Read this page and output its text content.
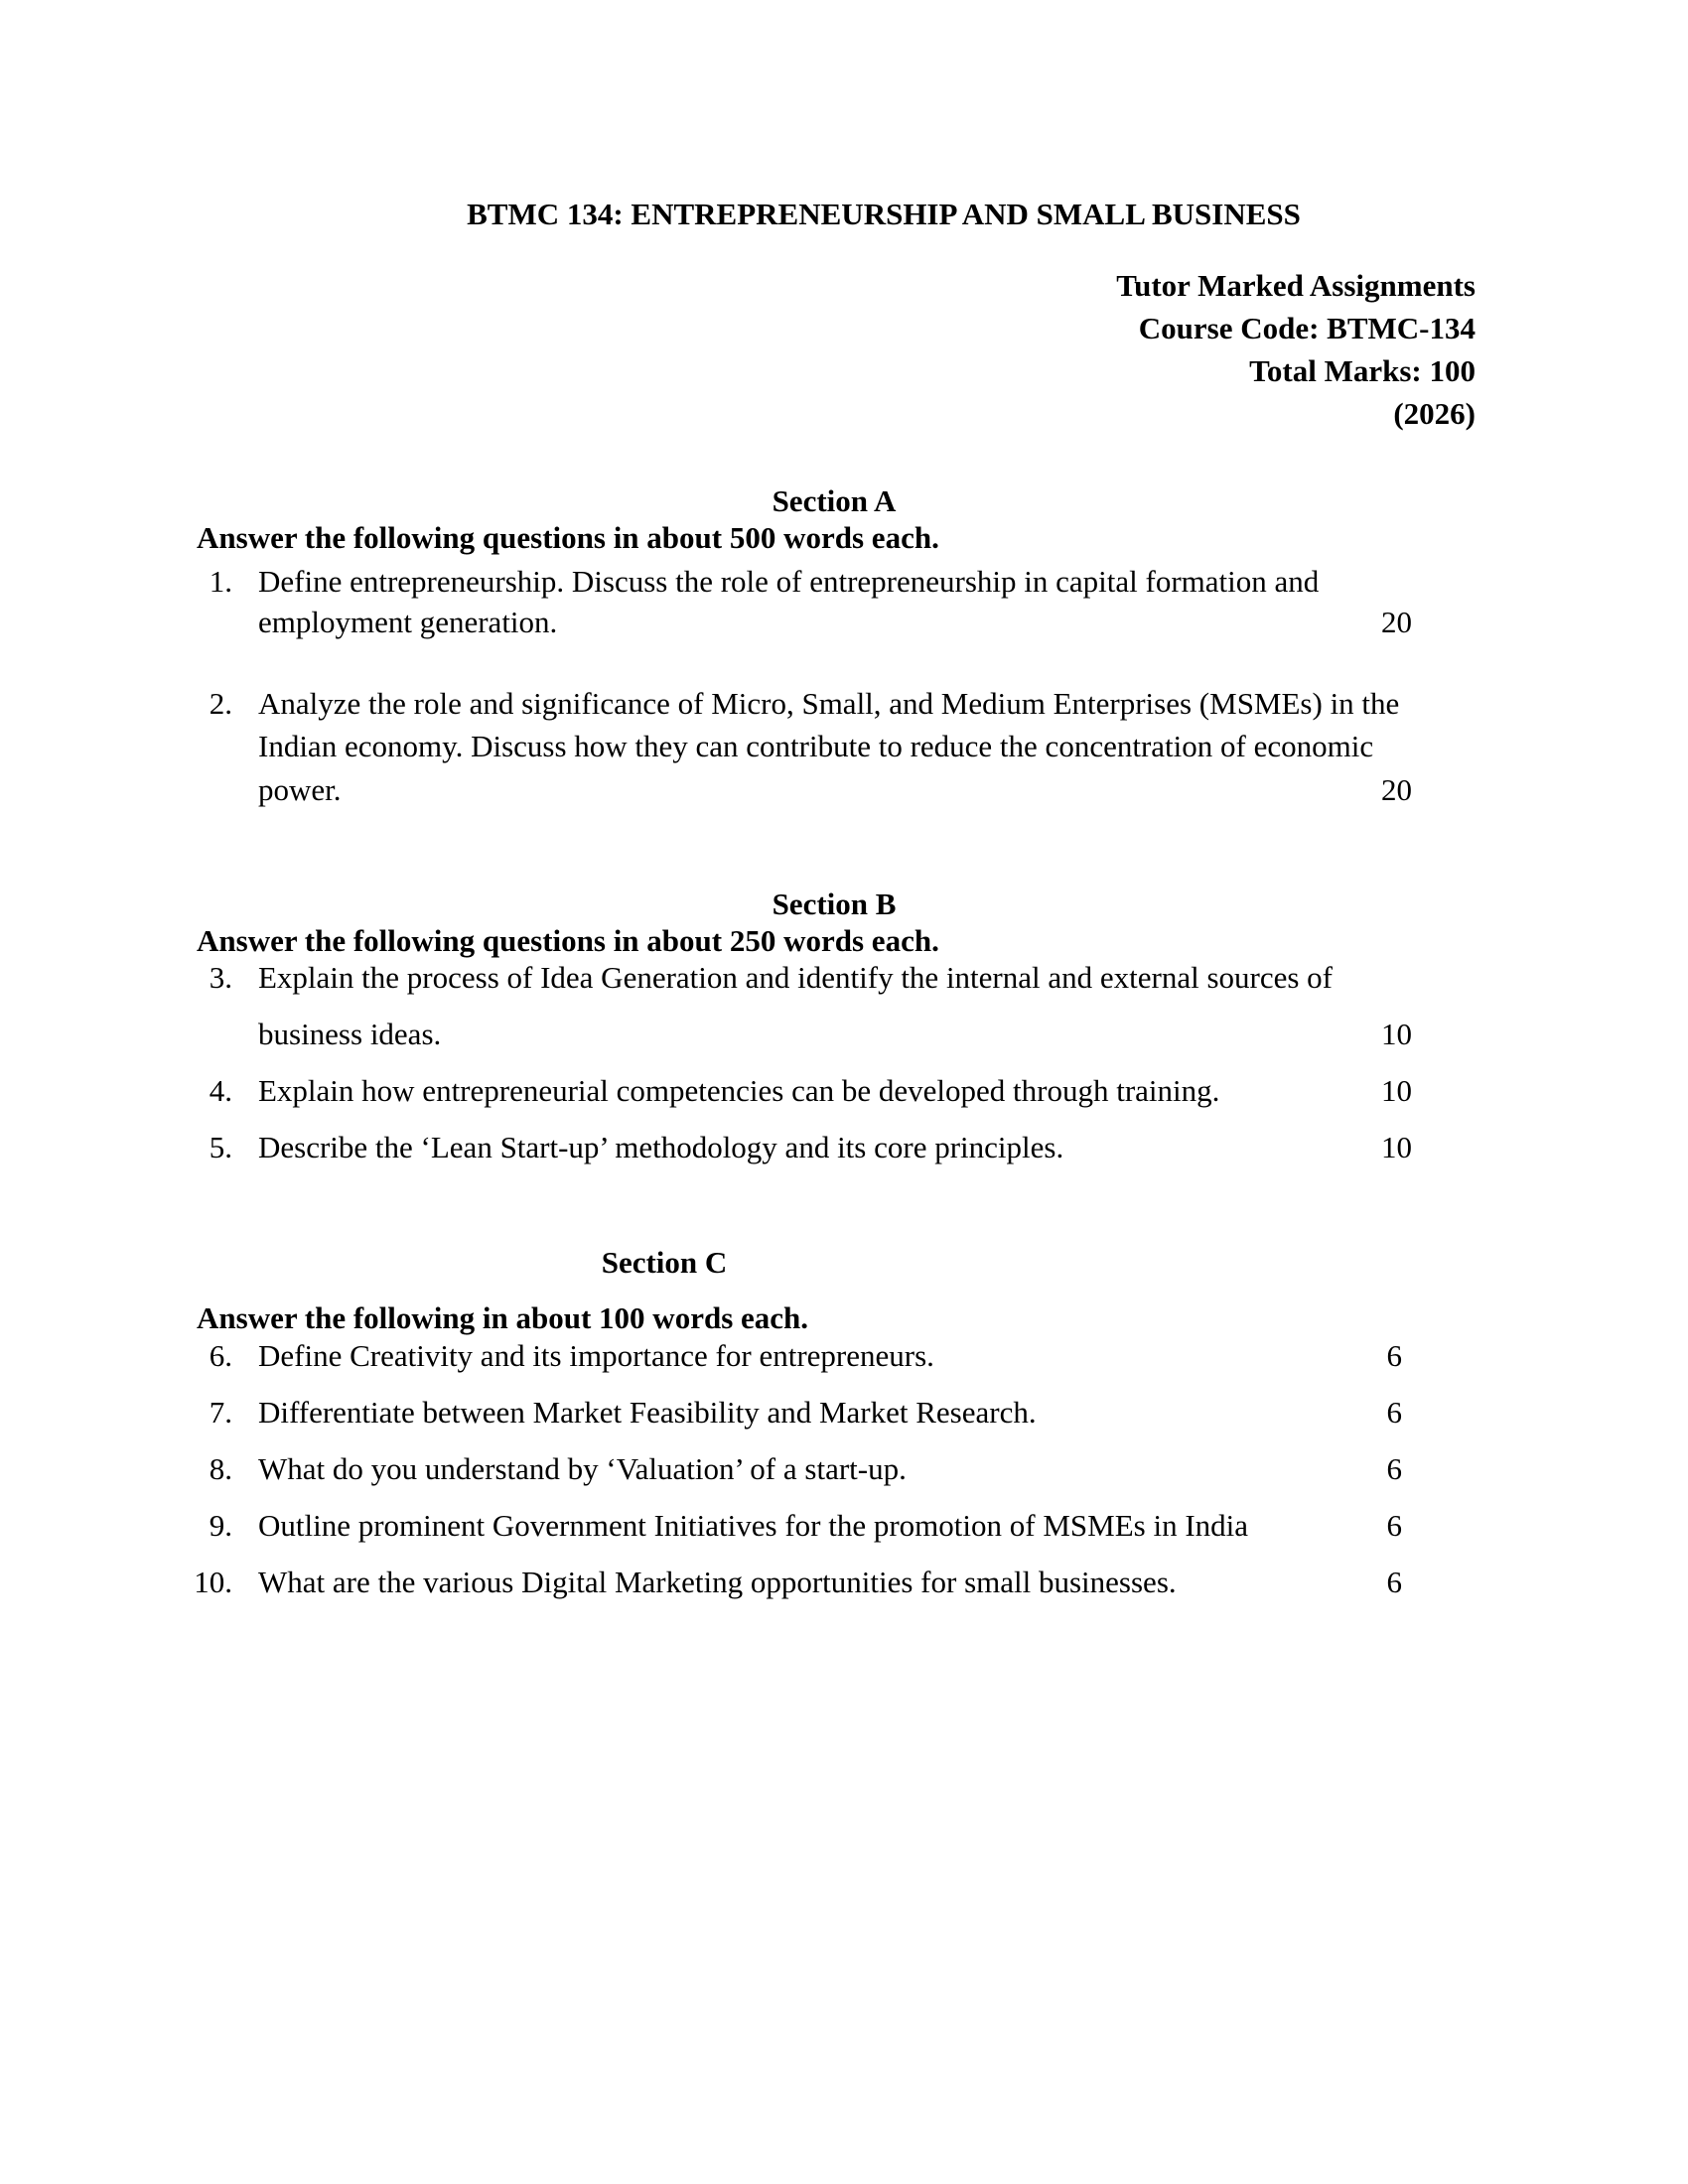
BTMC 134: ENTREPRENEURSHIP AND SMALL BUSINESS
Tutor Marked Assignments
Course Code: BTMC-134
Total Marks: 100
(2026)
Section A
Answer the following questions in about 500 words each.
1. Define entrepreneurship. Discuss the role of entrepreneurship in capital formation and
employment generation.	20
2. Analyze the role and significance of Micro, Small, and Medium Enterprises (MSMEs) in the
Indian economy. Discuss how they can contribute to reduce the concentration of economic
power.	20
Section B
Answer the following questions in about 250 words each.
3. Explain the process of Idea Generation and identify the internal and external sources of
business ideas.	10
4. Explain how entrepreneurial competencies can be developed through training.	10
5. Describe the ‘Lean Start-up’ methodology and its core principles.	10
Section C
Answer the following in about 100 words each.
6. Define Creativity and its importance for entrepreneurs.	6
7. Differentiate between Market Feasibility and Market Research.	6
8. What do you understand by ‘Valuation’ of a start-up.	6
9. Outline prominent Government Initiatives for the promotion of MSMEs in India	6
10. What are the various Digital Marketing opportunities for small businesses.	6
